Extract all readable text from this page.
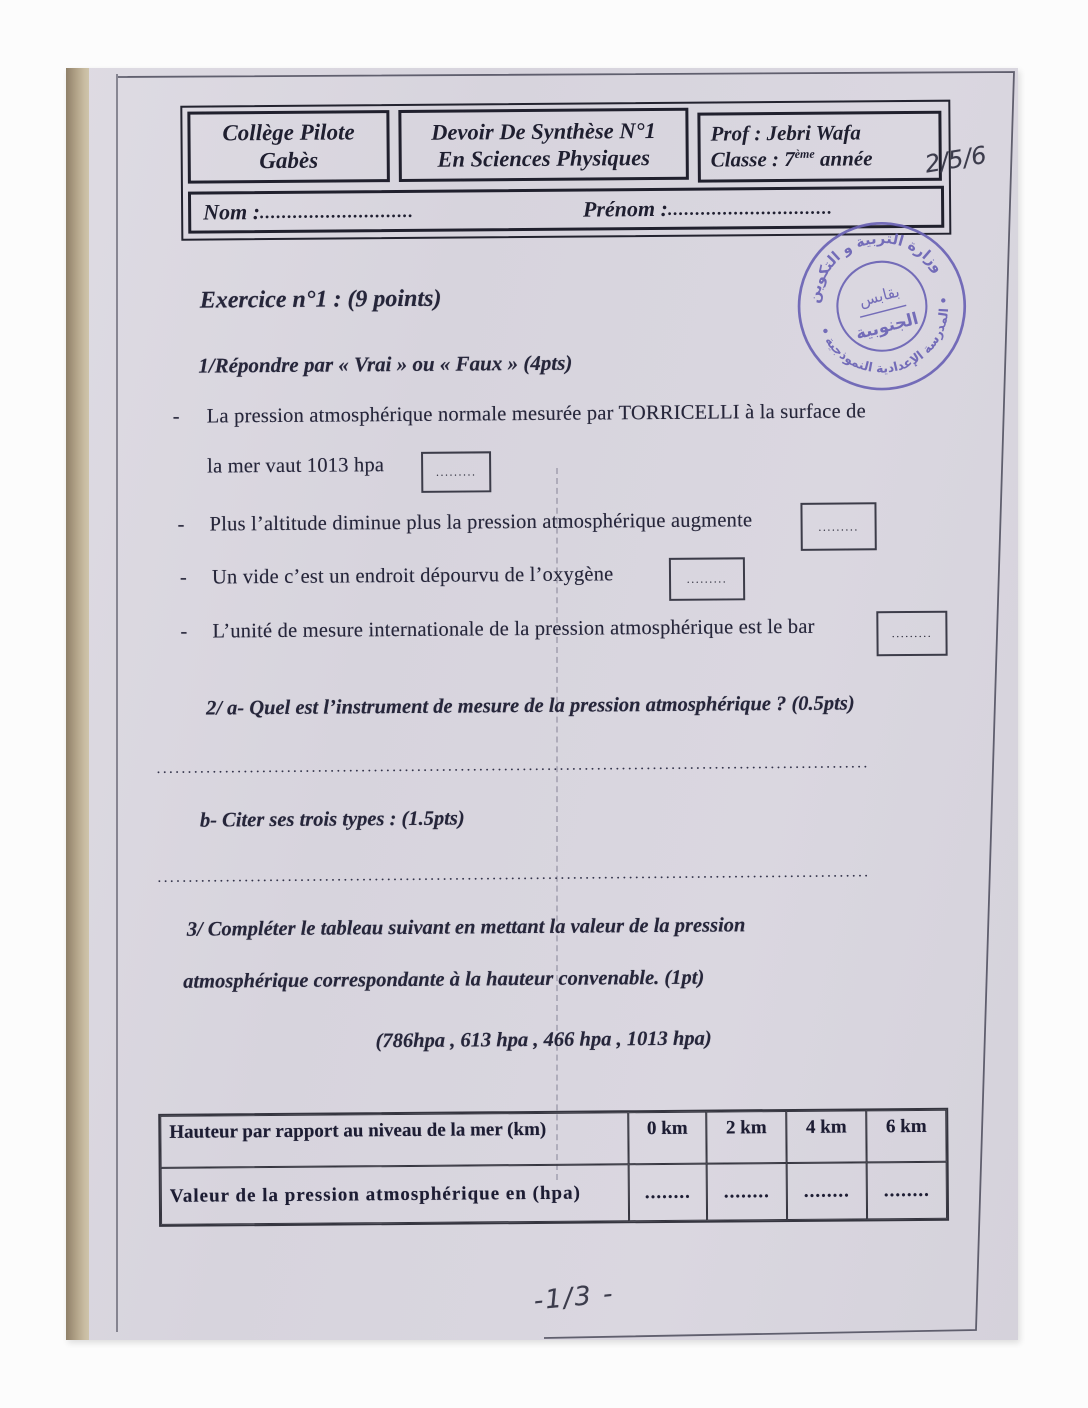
Collège Pilote
Gabès
Devoir De Synthèse N°1
En Sciences Physiques
Prof : Jebri Wafa
Classe : 7ème année
Nom : ............................	Prénom : ..............................
2/5/6
وزارة التربية و التكوين
• المدرسة الإعدادية النموذجية •
بقابس
الجنوبية
Exercice n°1 : (9 points)
1/Répondre par « Vrai » ou « Faux » (4pts)
- La pression atmosphérique normale mesurée par TORRICELLI à la surface de
la mer vaut 1013 hpa	.........
- Plus l’altitude diminue plus la pression atmosphérique augmente	.........
- Un vide c’est un endroit dépourvu de l’oxygène	.........
- L’unité de mesure internationale de la pression atmosphérique est le bar	.........
2/ a- Quel est l’instrument de mesure de la pression atmosphérique ? (0.5pts)
...................................................................................................................
b- Citer ses trois types : (1.5pts)
...................................................................................................................
3/ Compléter le tableau suivant en mettant la valeur de la pression
atmosphérique correspondante à la hauteur convenable. (1pt)
(786hpa , 613 hpa , 466 hpa , 1013 hpa)
Hauteur par rapport au niveau de la mer (km)	0 km	2 km	4 km	6 km
Valeur de la pression atmosphérique en (hpa)	........	........	........	........
-1/3 -
